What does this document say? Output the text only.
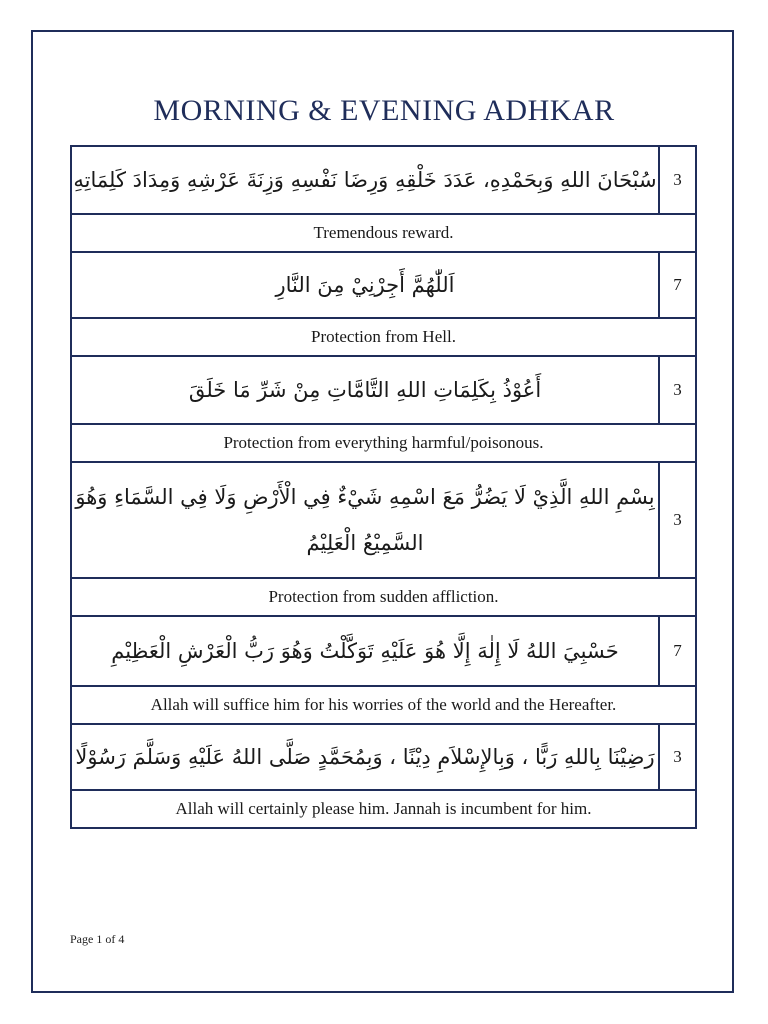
MORNING & EVENING ADHKAR
سُبْحَانَ اللهِ وَبِحَمْدِهِ، عَدَدَ خَلْقِهِ وَرِضَا نَفْسِهِ وَزِنَةَ عَرْشِهِ وَمِدَادَ كَلِمَاتِهِ	3
Tremendous reward.	
اَللّٰهُمَّ أَجِرْنِيْ مِنَ النَّارِ	7
Protection from Hell.	
أَعُوْذُ بِكَلِمَاتِ اللهِ التَّامَّاتِ مِنْ شَرِّ مَا خَلَقَ	3
Protection from everything harmful/poisonous.	
بِسْمِ اللهِ الَّذِيْ لَا يَضُرُّ مَعَ اسْمِهِ شَيْءٌ فِي الْأَرْضِ وَلَا فِي السَّمَاءِ وَهُوَ السَّمِيْعُ الْعَلِيْمُ	3
Protection from sudden affliction.	
حَسْبِيَ اللهُ لَا إِلٰهَ إِلَّا هُوَ عَلَيْهِ تَوَكَّلْتُ وَهُوَ رَبُّ الْعَرْشِ الْعَظِيْمِ	7
Allah will suffice him for his worries of the world and the Hereafter.	
رَضِيْنَا بِاللهِ رَبًّا ، وَبِالإِسْلاَمِ دِيْنًا ، وَبِمُحَمَّدٍ صَلَّى اللهُ عَلَيْهِ وَسَلَّمَ رَسُوْلًا	3
Allah will certainly please him. Jannah is incumbent for him.	
Page 1 of 4
